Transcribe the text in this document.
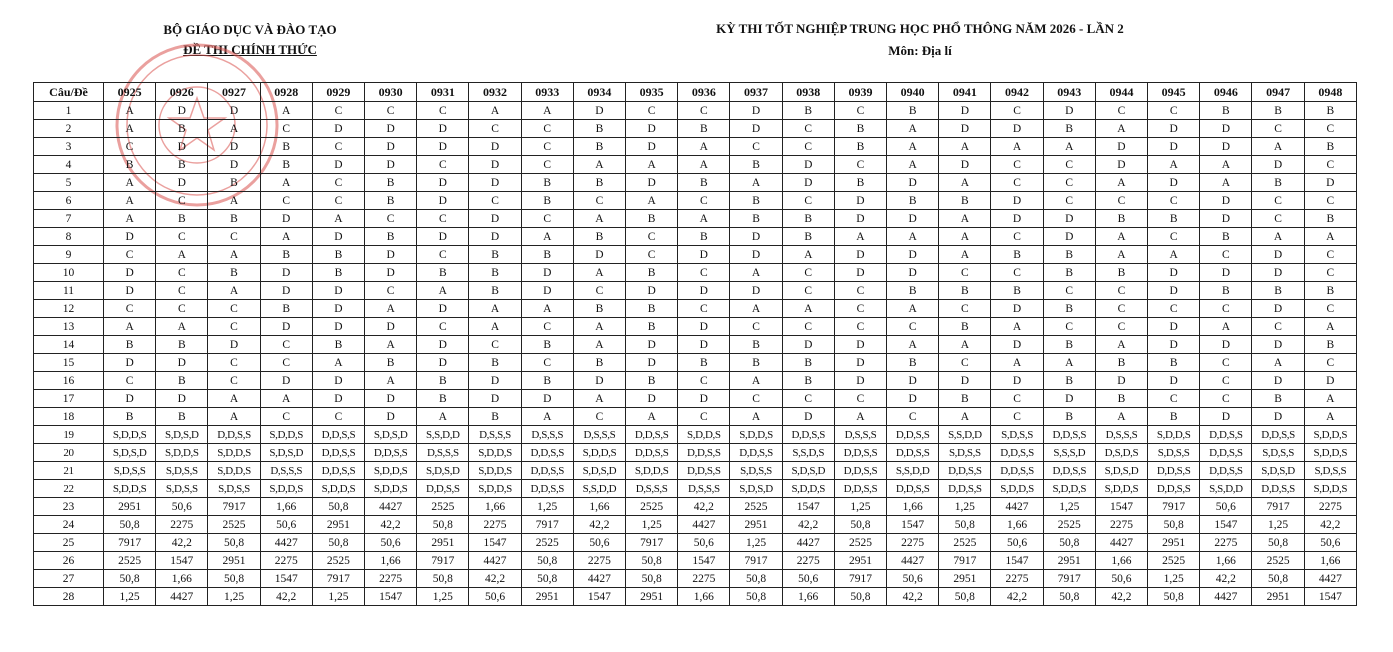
BỘ GIÁO DỤC VÀ ĐÀO TẠO
ĐỀ THI CHÍNH THỨC
KỲ THI TỐT NGHIỆP TRUNG HỌC PHỔ THÔNG NĂM 2026 - LẦN 2
Môn: Địa lí
Câu/Đề	0925	0926	0927	0928	0929	0930	0931	0932	0933	0934	0935	0936	0937	0938	0939	0940	0941	0942	0943	0944	0945	0946	0947	0948
1	A	D	D	A	C	C	C	A	A	D	C	C	D	B	C	B	D	C	D	C	C	B	B	B
2	A	B	A	C	D	D	D	C	C	B	D	B	D	C	B	A	D	D	B	A	D	D	C	C
3	C	D	D	B	C	D	D	D	C	B	D	A	C	C	B	A	A	A	A	D	D	D	A	B
4	B	B	D	B	D	D	C	D	C	A	A	A	B	D	C	A	D	C	C	D	A	A	D	C
5	A	D	B	A	C	B	D	D	B	B	D	B	A	D	B	D	A	C	C	A	D	A	B	D
6	A	C	A	C	C	B	D	C	B	C	A	C	B	C	D	B	B	D	C	C	C	D	C	C
7	A	B	B	D	A	C	C	D	C	A	B	A	B	B	D	D	A	D	D	B	B	D	C	B
8	D	C	C	A	D	B	D	D	A	B	C	B	D	B	A	A	A	C	D	A	C	B	A	A
9	C	A	A	B	B	D	C	B	B	D	C	D	D	A	D	D	A	B	B	A	A	C	D	C
10	D	C	B	D	B	D	B	B	D	A	B	C	A	C	D	D	C	C	B	B	D	D	D	C
11	D	C	A	D	D	C	A	B	D	C	D	D	D	C	C	B	B	B	C	C	D	B	B	B
12	C	C	C	B	D	A	D	A	A	B	B	C	A	A	C	A	C	D	B	C	C	C	D	C
13	A	A	C	D	D	D	C	A	C	A	B	D	C	C	C	C	B	A	C	C	D	A	C	A
14	B	B	D	C	B	A	D	C	B	A	D	D	B	D	D	A	A	D	B	A	D	D	D	B
15	D	D	C	C	A	B	D	B	C	B	D	B	B	B	D	B	C	A	A	B	B	C	A	C
16	C	B	C	D	D	A	B	D	B	D	B	C	A	B	D	D	D	D	B	D	D	C	D	D
17	D	D	A	A	D	D	B	D	D	A	D	D	C	C	C	D	B	C	D	B	C	C	B	A
18	B	B	A	C	C	D	A	B	A	C	A	C	A	D	A	C	A	C	B	A	B	D	D	A
19	S,D,D,S	S,D,S,D	D,D,S,S	S,D,D,S	D,D,S,S	S,D,S,D	S,S,D,D	D,S,S,S	D,S,S,S	D,S,S,S	D,D,S,S	S,D,D,S	S,D,D,S	D,D,S,S	D,S,S,S	D,D,S,S	S,S,D,D	S,D,S,S	D,D,S,S	D,S,S,S	S,D,D,S	D,D,S,S	D,D,S,S	S,D,D,S
20	S,D,S,D	S,D,D,S	S,D,D,S	S,D,S,D	D,D,S,S	D,D,S,S	D,S,S,S	S,D,D,S	D,D,S,S	S,D,D,S	D,D,S,S	D,D,S,S	D,D,S,S	S,S,D,S	D,D,S,S	D,D,S,S	S,D,S,S	D,D,S,S	S,S,S,D	D,S,D,S	S,D,S,S	D,D,S,S	S,D,S,S	S,D,D,S
21	S,D,S,S	S,D,S,S	S,D,D,S	D,S,S,S	D,D,S,S	S,D,D,S	S,D,S,D	S,D,D,S	D,D,S,S	S,D,S,D	S,D,D,S	D,D,S,S	S,D,S,S	S,D,S,D	D,D,S,S	S,S,D,D	D,D,S,S	D,D,S,S	D,D,S,S	S,D,S,D	D,D,S,S	D,D,S,S	S,D,S,D	S,D,S,S
22	S,D,D,S	S,D,S,S	S,D,S,S	S,D,D,S	S,D,D,S	S,D,D,S	D,D,S,S	S,D,D,S	D,D,S,S	S,S,D,D	D,S,S,S	D,S,S,S	S,D,S,D	S,D,D,S	D,D,S,S	D,D,S,S	D,D,S,S	S,D,D,S	S,D,D,S	S,D,D,S	D,D,S,S	S,S,D,D	D,D,S,S	S,D,D,S
23	2951	50,6	7917	1,66	50,8	4427	2525	1,66	1,25	1,66	2525	42,2	2525	1547	1,25	1,66	1,25	4427	1,25	1547	7917	50,6	7917	2275
24	50,8	2275	2525	50,6	2951	42,2	50,8	2275	7917	42,2	1,25	4427	2951	42,2	50,8	1547	50,8	1,66	2525	2275	50,8	1547	1,25	42,2
25	7917	42,2	50,8	4427	50,8	50,6	2951	1547	2525	50,6	7917	50,6	1,25	4427	2525	2275	2525	50,6	50,8	4427	2951	2275	50,8	50,6
26	2525	1547	2951	2275	2525	1,66	7917	4427	50,8	2275	50,8	1547	7917	2275	2951	4427	7917	1547	2951	1,66	2525	1,66	2525	1,66
27	50,8	1,66	50,8	1547	7917	2275	50,8	42,2	50,8	4427	50,8	2275	50,8	50,6	7917	50,6	2951	2275	7917	50,6	1,25	42,2	50,8	4427
28	1,25	4427	1,25	42,2	1,25	1547	1,25	50,6	2951	1547	2951	1,66	50,8	1,66	50,8	42,2	50,8	42,2	50,8	42,2	50,8	4427	2951	1547
